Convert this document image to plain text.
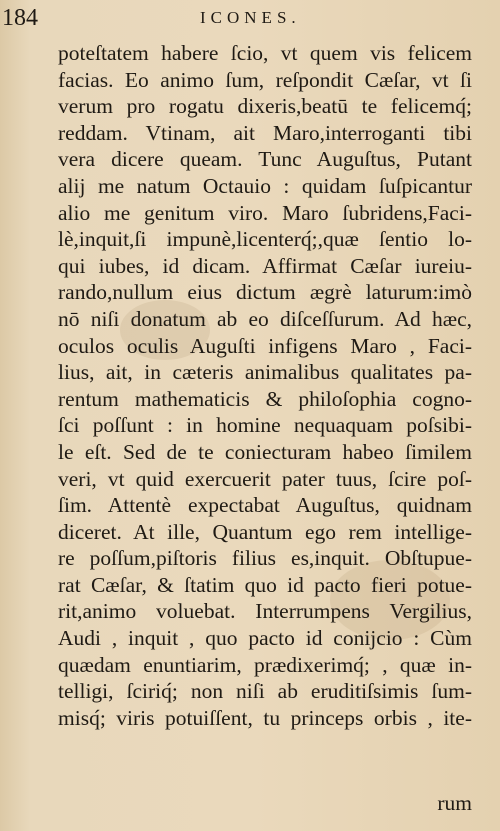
184	ICONES.
poteſtatem habere ſcio, vt quem vis felicem
facias. Eo animo ſum, reſpondit Cæſar, vt ſi
verum pro rogatu dixeris,beatū te felicemq́;
reddam. Vtinam, ait Maro,interroganti tibi
vera dicere queam. Tunc Auguſtus, Putant
alij me natum Octauio : quidam ſuſpicantur
alio me genitum viro. Maro ſubridens,Faci-
lè,inquit,ſi impunè,licenterq́;,quæ ſentio lo-
qui iubes, id dicam. Affirmat Cæſar iureiu-
rando,nullum eius dictum ægrè laturum:imò
nō niſi donatum ab eo diſceſſurum. Ad hæc,
oculos oculis Auguſti infigens Maro , Faci-
lius, ait, in cæteris animalibus qualitates pa-
rentum mathematicis & philoſophia cogno-
ſci poſſunt : in homine nequaquam poſsibi-
le eſt. Sed de te coniecturam habeo ſimilem
veri, vt quid exercuerit pater tuus, ſcire poſ-
ſim. Attentè expectabat Auguſtus, quidnam
diceret. At ille, Quantum ego rem intellige-
re poſſum,piſtoris filius es,inquit. Obſtupue-
rat Cæſar, & ſtatim quo id pacto fieri potue-
rit,animo voluebat. Interrumpens Vergilius,
Audi , inquit , quo pacto id conijcio : Cùm
quædam enuntiarim, prædixerimq́; , quæ in-
telligi, ſciriq́; non niſi ab eruditiſsimis ſum-
misq́; viris potuiſſent, tu princeps orbis , ite-
rum
